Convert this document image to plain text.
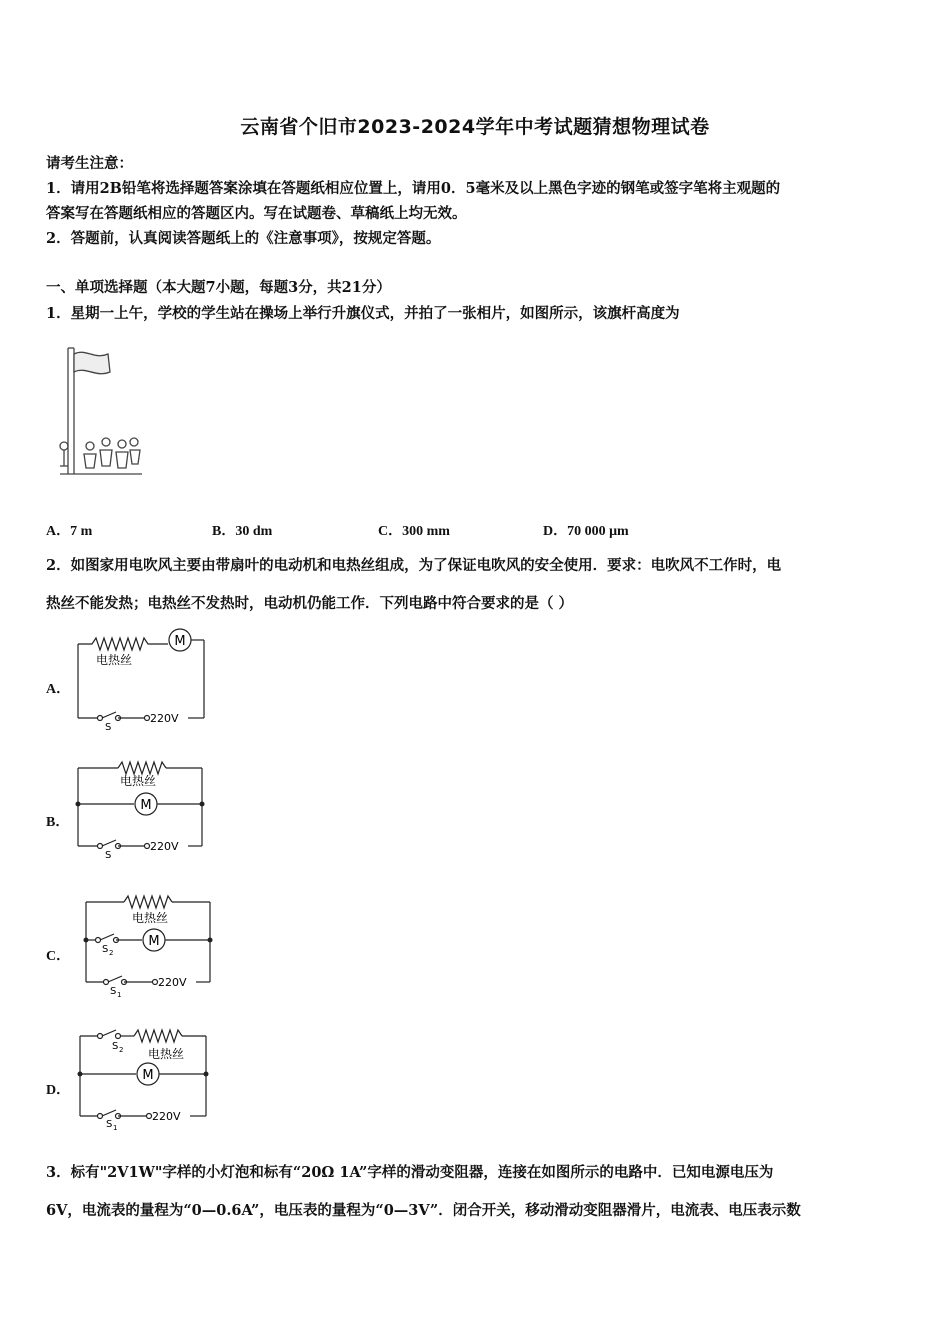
云南省个旧市2023-2024学年中考试题猜想物理试卷
请考生注意：
1．请用2B铅笔将选择题答案涂填在答题纸相应位置上，请用0．5毫米及以上黑色字迹的钢笔或签字笔将主观题的
答案写在答题纸相应的答题区内。写在试题卷、草稿纸上均无效。
2．答题前，认真阅读答题纸上的《注意事项》，按规定答题。
一、单项选择题（本大题7小题，每题3分，共21分）
1．星期一上午，学校的学生站在操场上举行升旗仪式，并拍了一张相片，如图所示，该旗杆高度为
A．7 m	B．30 dm	C．300 mm	D．70 000 μm
2．如图家用电吹风主要由带扇叶的电动机和电热丝组成，为了保证电吹风的安全使用．要求：电吹风不工作时，电
热丝不能发热；电热丝不发热时，电动机仍能工作．下列电路中符合要求的是（ ）
A．
M
电热丝
S
220V
B．
电热丝
M
S
220V
C．
电热丝
M
S 2
S 1
220V
D．
S 2 电热丝
M
S 1
220V
3．标有"2V1W"字样的小灯泡和标有“20Ω 1A”字样的滑动变阻器，连接在如图所示的电路中．已知电源电压为
6V，电流表的量程为“0—0.6A”，电压表的量程为“0—3V”．闭合开关，移动滑动变阻器滑片，电流表、电压表示数
